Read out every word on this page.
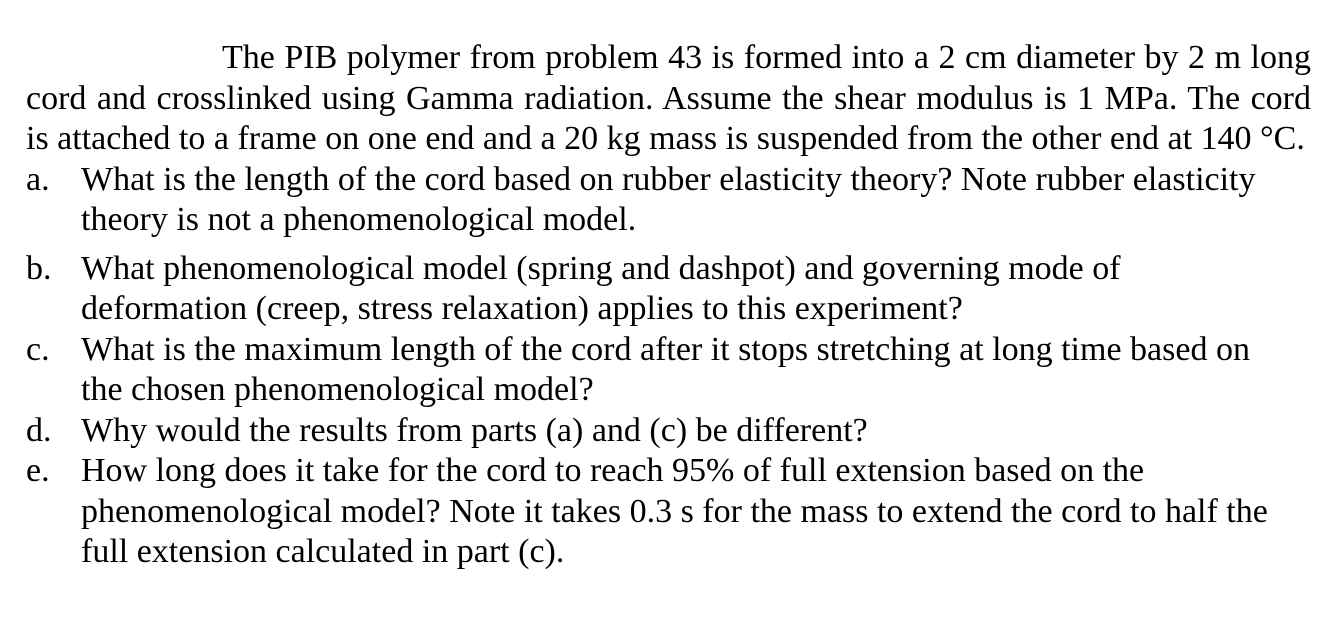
The PIB polymer from problem 43 is formed into a 2 cm diameter by 2 m long cord and crosslinked using Gamma radiation. Assume the shear modulus is 1 MPa. The cord is attached to a frame on one end and a 20 kg mass is suspended from the other end at 140 °C.

a. What is the length of the cord based on rubber elasticity theory? Note rubber elasticity theory is not a phenomenological model.
b. What phenomenological model (spring and dashpot) and governing mode of deformation (creep, stress relaxation) applies to this experiment?
c. What is the maximum length of the cord after it stops stretching at long time based on the chosen phenomenological model?
d. Why would the results from parts (a) and (c) be different?
e. How long does it take for the cord to reach 95% of full extension based on the phenomenological model? Note it takes 0.3 s for the mass to extend the cord to half the full extension calculated in part (c).
